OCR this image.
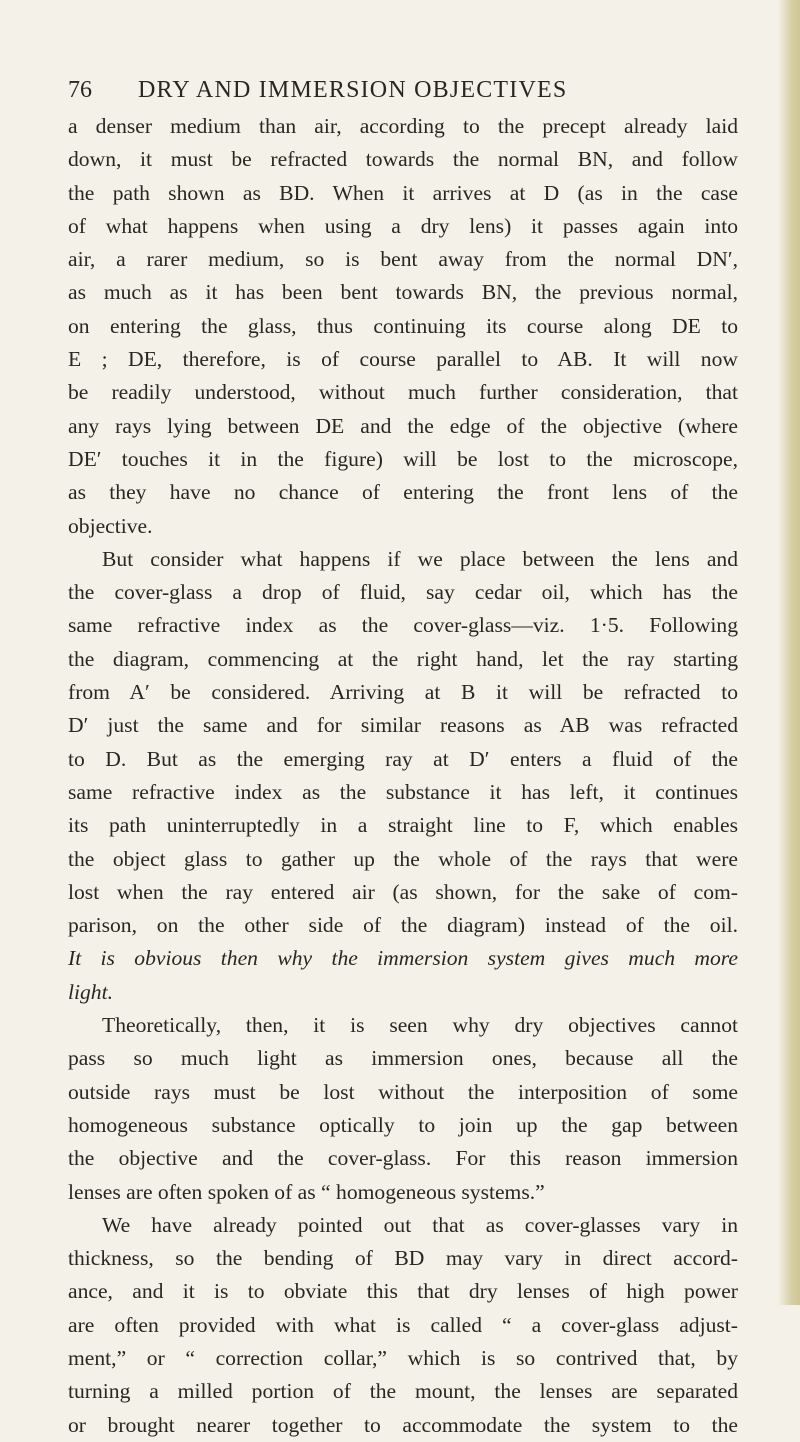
76 DRY AND IMMERSION OBJECTIVES
a denser medium than air, according to the precept already laid
down, it must be refracted towards the normal BN, and follow
the path shown as BD. When it arrives at D (as in the case
of what happens when using a dry lens) it passes again into
air, a rarer medium, so is bent away from the normal DN′,
as much as it has been bent towards BN, the previous normal,
on entering the glass, thus continuing its course along DE to
E ; DE, therefore, is of course parallel to AB. It will now
be readily understood, without much further consideration, that
any rays lying between DE and the edge of the objective (where
DE′ touches it in the figure) will be lost to the microscope,
as they have no chance of entering the front lens of the
objective.
But consider what happens if we place between the lens and
the cover-glass a drop of fluid, say cedar oil, which has the
same refractive index as the cover-glass—viz. 1·5. Following
the diagram, commencing at the right hand, let the ray starting
from A′ be considered. Arriving at B it will be refracted to
D′ just the same and for similar reasons as AB was refracted
to D. But as the emerging ray at D′ enters a fluid of the
same refractive index as the substance it has left, it continues
its path uninterruptedly in a straight line to F, which enables
the object glass to gather up the whole of the rays that were
lost when the ray entered air (as shown, for the sake of com-
parison, on the other side of the diagram) instead of the oil.
It is obvious then why the immersion system gives much more
light.
Theoretically, then, it is seen why dry objectives cannot
pass so much light as immersion ones, because all the
outside rays must be lost without the interposition of some
homogeneous substance optically to join up the gap between
the objective and the cover-glass. For this reason immersion
lenses are often spoken of as “ homogeneous systems.”
We have already pointed out that as cover-glasses vary in
thickness, so the bending of BD may vary in direct accord-
ance, and it is to obviate this that dry lenses of high power
are often provided with what is called “ a cover-glass adjust-
ment,” or “ correction collar,” which is so contrived that, by
turning a milled portion of the mount, the lenses are separated
or brought nearer together to accommodate the system to the
